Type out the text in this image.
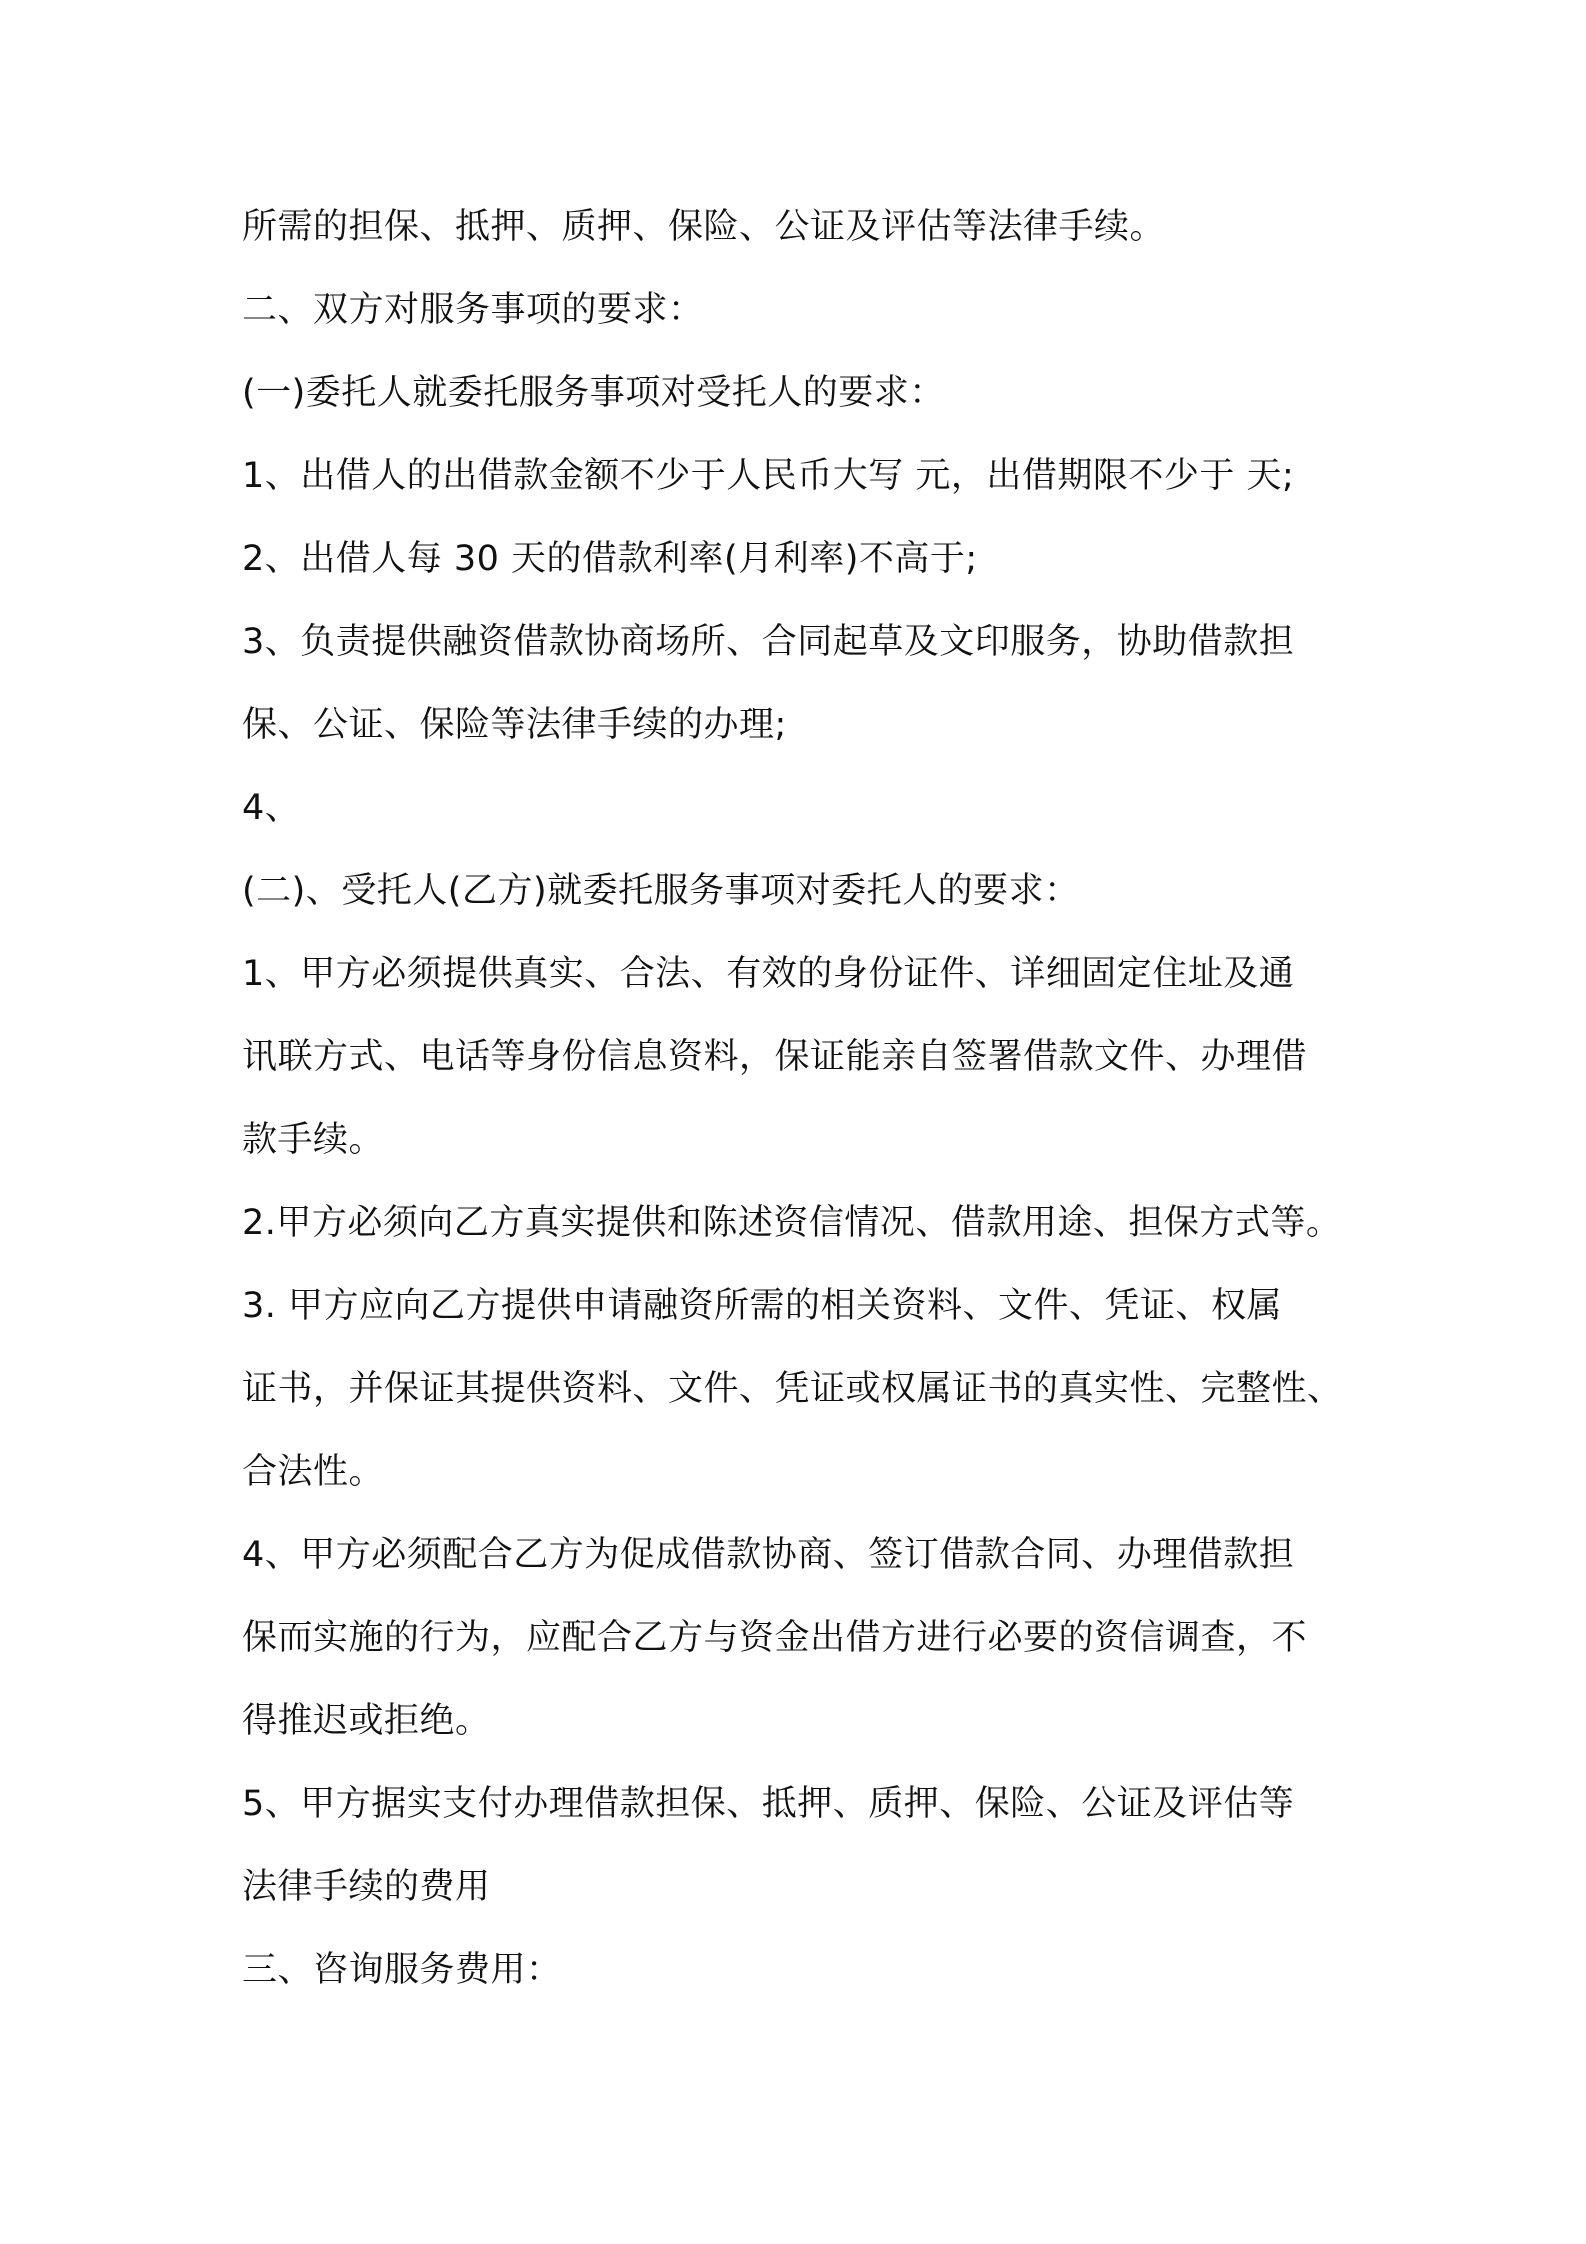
所需的担保、抵押、质押、保险、公证及评估等法律手续。
二、双方对服务事项的要求：
(一)委托人就委托服务事项对受托人的要求：
1、出借人的出借款金额不少于人民币大写 元，出借期限不少于 天;
2、出借人每 30 天的借款利率(月利率)不高于;
3、负责提供融资借款协商场所、合同起草及文印服务，协助借款担
保、公证、保险等法律手续的办理;
4、
(二)、受托人(乙方)就委托服务事项对委托人的要求：
1、甲方必须提供真实、合法、有效的身份证件、详细固定住址及通
讯联方式、电话等身份信息资料，保证能亲自签署借款文件、办理借
款手续。
2.甲方必须向乙方真实提供和陈述资信情况、借款用途、担保方式等。
3. 甲方应向乙方提供申请融资所需的相关资料、文件、凭证、权属
证书，并保证其提供资料、文件、凭证或权属证书的真实性、完整性、
合法性。
4、甲方必须配合乙方为促成借款协商、签订借款合同、办理借款担
保而实施的行为，应配合乙方与资金出借方进行必要的资信调查，不
得推迟或拒绝。
5、甲方据实支付办理借款担保、抵押、质押、保险、公证及评估等
法律手续的费用
三、咨询服务费用：
